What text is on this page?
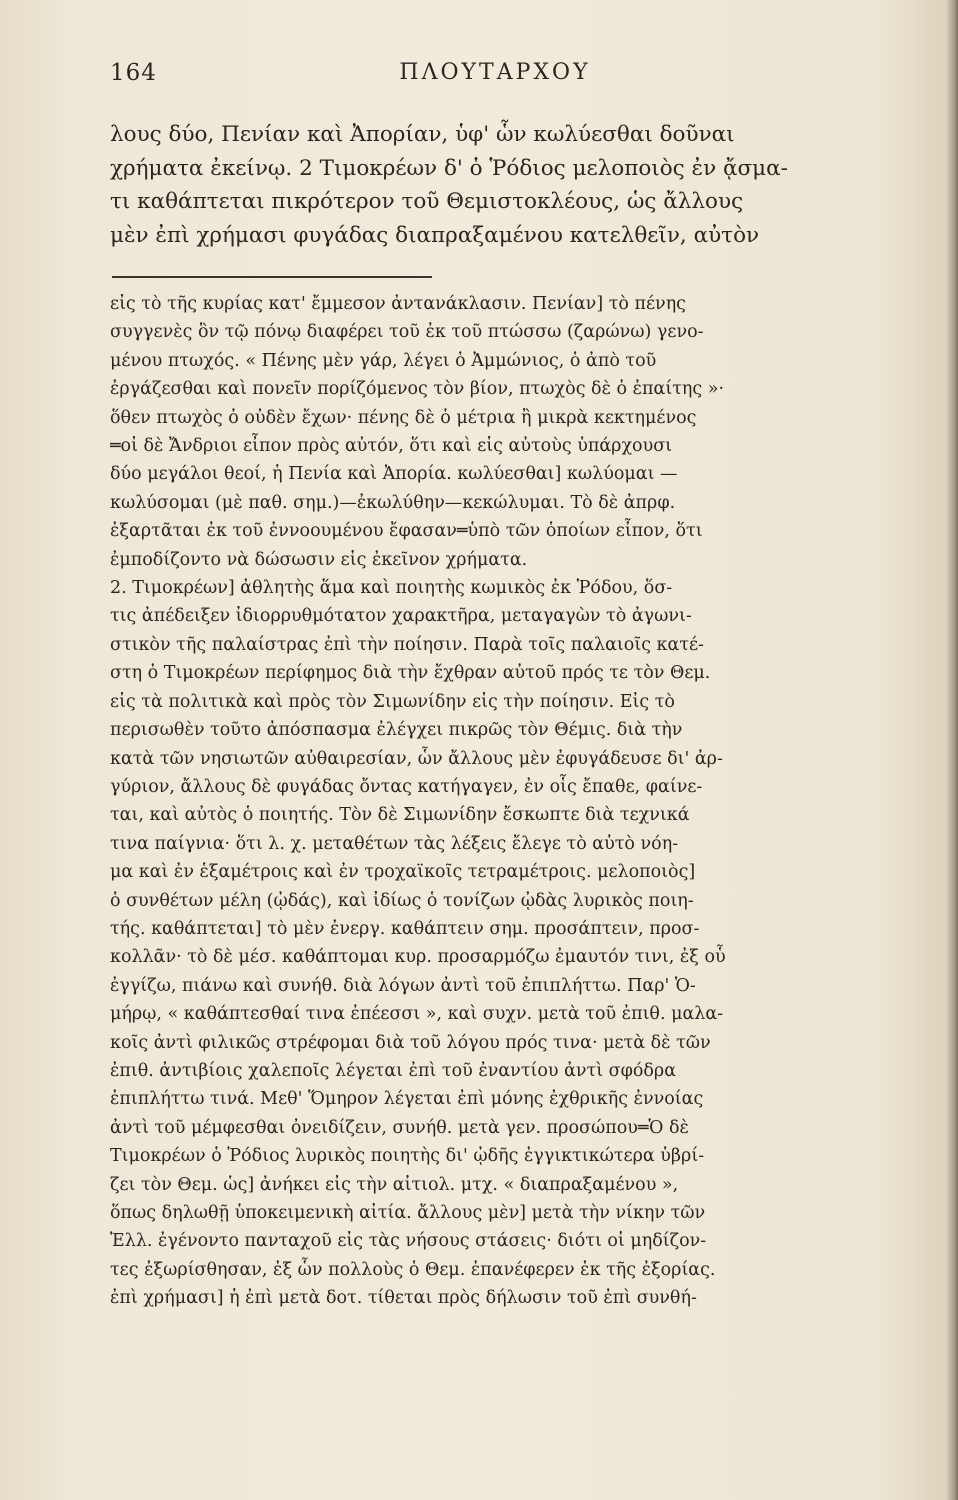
164	ΠΛΟΥΤΑΡΧΟΥ
λους δύο, Πενίαν καὶ Ἀπορίαν, ὑφ' ὧν κωλύεσθαι δοῦναι
χρήματα ἐκείνῳ. 2 Τιμοκρέων δ' ὁ Ῥόδιος μελοποιὸς ἐν ᾄσμα-
τι καθάπτεται πικρότερον τοῦ Θεμιστοκλέους, ὡς ἄλλους
μὲν ἐπὶ χρήμασι φυγάδας διαπραξαμένου κατελθεῖν, αὐτὸν
εἰς τὸ τῆς κυρίας κατ' ἔμμεσον ἀντανάκλασιν. Πενίαν] τὸ πένης
συγγενὲς ὂν τῷ πόνῳ διαφέρει τοῦ ἐκ τοῦ πτώσσω (ζαρώνω) γενο-
μένου πτωχός. « Πένης μὲν γάρ, λέγει ὁ Ἀμμώνιος, ὁ ἀπὸ τοῦ
ἐργάζεσθαι καὶ πονεῖν πορίζόμενος τὸν βίον, πτωχὸς δὲ ὁ ἐπαίτης »·
ὅθεν πτωχὸς ὁ οὐδὲν ἔχων· πένης δὲ ὁ μέτρια ἢ μικρὰ κεκτημένος
═οἱ δὲ Ἄνδριοι εἶπον πρὸς αὐτόν, ὅτι καὶ εἰς αὐτοὺς ὑπάρχουσι
δύο μεγάλοι θεοί, ἡ Πενία καὶ Ἀπορία. κωλύεσθαι] κωλύομαι —
κωλύσομαι (μὲ παθ. σημ.)—ἐκωλύθην—κεκώλυμαι. Τὸ δὲ ἀπρφ.
ἐξαρτᾶται ἐκ τοῦ ἐννοουμένου ἔφασαν═ὑπὸ τῶν ὁποίων εἶπον, ὅτι
ἐμποδίζοντο νὰ δώσωσιν εἰς ἐκεῖνον χρήματα.
2. Τιμοκρέων] ἀθλητὴς ἅμα καὶ ποιητὴς κωμικὸς ἐκ Ῥόδου, ὅσ-
τις ἀπέδειξεν ἰδιορρυθμότατον χαρακτῆρα, μεταγαγὼν τὸ ἀγωνι-
στικὸν τῆς παλαίστρας ἐπὶ τὴν ποίησιν. Παρὰ τοῖς παλαιοῖς κατέ-
στη ὁ Τιμοκρέων περίφημος διὰ τὴν ἔχθραν αὐτοῦ πρός τε τὸν Θεμ.
εἰς τὰ πολιτικὰ καὶ πρὸς τὸν Σιμωνίδην εἰς τὴν ποίησιν. Εἰς τὸ
περισωθὲν τοῦτο ἀπόσπασμα ἐλέγχει πικρῶς τὸν Θέμις. διὰ τὴν
κατὰ τῶν νησιωτῶν αὐθαιρεσίαν, ὧν ἄλλους μὲν ἐφυγάδευσε δι' ἀρ-
γύριον, ἄλλους δὲ φυγάδας ὄντας κατήγαγεν, ἐν οἷς ἔπαθε, φαίνε-
ται, καὶ αὐτὸς ὁ ποιητής. Τὸν δὲ Σιμωνίδην ἔσκωπτε διὰ τεχνικά
τινα παίγνια· ὅτι λ. χ. μεταθέτων τὰς λέξεις ἔλεγε τὸ αὐτὸ νόη-
μα καὶ ἐν ἑξαμέτροις καὶ ἐν τροχαϊκοῖς τετραμέτροις. μελοποιὸς]
ὁ συνθέτων μέλη (ᾠδάς), καὶ ἰδίως ὁ τονίζων ᾠδὰς λυρικὸς ποιη-
τής. καθάπτεται] τὸ μὲν ἐνεργ. καθάπτειν σημ. προσάπτειν, προσ-
κολλᾶν· τὸ δὲ μέσ. καθάπτομαι κυρ. προσαρμόζω ἐμαυτόν τινι, ἐξ οὗ
ἐγγίζω, πιάνω καὶ συνήθ. διὰ λόγων ἀντὶ τοῦ ἐπιπλήττω. Παρ' Ὁ-
μήρῳ, « καθάπτεσθαί τινα ἐπέεσσι », καὶ συχν. μετὰ τοῦ ἐπιθ. μαλα-
κοῖς ἀντὶ φιλικῶς στρέφομαι διὰ τοῦ λόγου πρός τινα· μετὰ δὲ τῶν
ἐπιθ. ἀντιβίοις χαλεποῖς λέγεται ἐπὶ τοῦ ἐναντίου ἀντὶ σφόδρα
ἐπιπλήττω τινά. Μεθ' Ὅμηρον λέγεται ἐπὶ μόνης ἐχθρικῆς ἐννοίας
ἀντὶ τοῦ μέμφεσθαι ὀνειδίζειν, συνήθ. μετὰ γεν. προσώπου═Ὁ δὲ
Τιμοκρέων ὁ Ῥόδιος λυρικὸς ποιητὴς δι' ᾠδῆς ἐγγικτικώτερα ὑβρί-
ζει τὸν Θεμ. ὡς] ἀνήκει εἰς τὴν αἰτιολ. μτχ. « διαπραξαμένου »,
ὅπως δηλωθῇ ὑποκειμενικὴ αἰτία. ἄλλους μὲν] μετὰ τὴν νίκην τῶν
Ἑλλ. ἐγένοντο πανταχοῦ εἰς τὰς νήσους στάσεις· διότι οἱ μηδίζον-
τες ἐξωρίσθησαν, ἐξ ὧν πολλοὺς ὁ Θεμ. ἐπανέφερεν ἐκ τῆς ἐξορίας.
ἐπὶ χρήμασι] ἡ ἐπὶ μετὰ δοτ. τίθεται πρὸς δήλωσιν τοῦ ἐπὶ συνθή-
